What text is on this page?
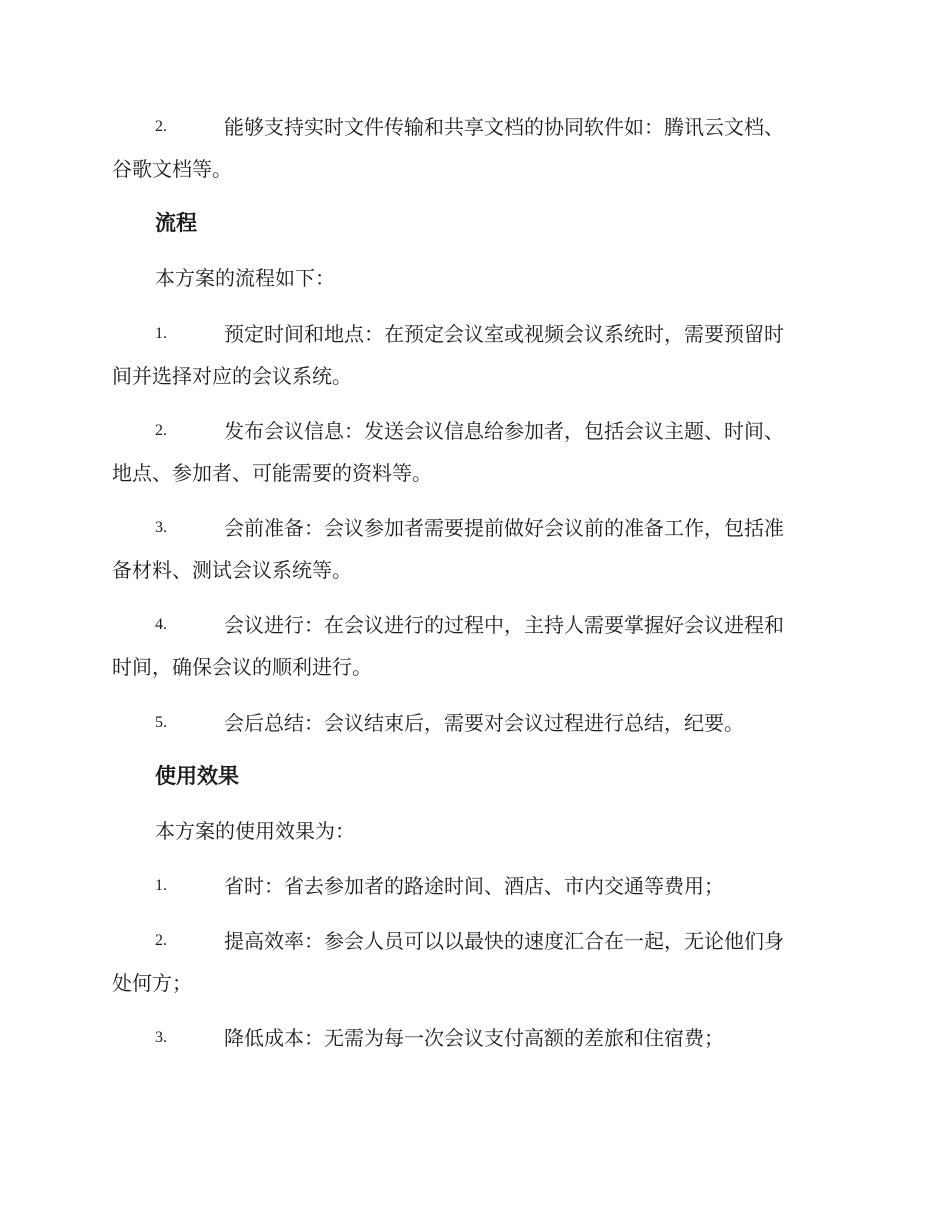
2.	能够支持实时文件传输和共享文档的协同软件如：腾讯云文档、
谷歌文档等。
流程
本方案的流程如下：
1.	预定时间和地点：在预定会议室或视频会议系统时，需要预留时
间并选择对应的会议系统。
2.	发布会议信息：发送会议信息给参加者，包括会议主题、时间、
地点、参加者、可能需要的资料等。
3.	会前准备：会议参加者需要提前做好会议前的准备工作，包括准
备材料、测试会议系统等。
4.	会议进行：在会议进行的过程中，主持人需要掌握好会议进程和
时间，确保会议的顺利进行。
5.	会后总结：会议结束后，需要对会议过程进行总结，纪要。
使用效果
本方案的使用效果为：
1.	省时：省去参加者的路途时间、酒店、市内交通等费用；
2.	提高效率：参会人员可以以最快的速度汇合在一起，无论他们身
处何方；
3.	降低成本：无需为每一次会议支付高额的差旅和住宿费；
